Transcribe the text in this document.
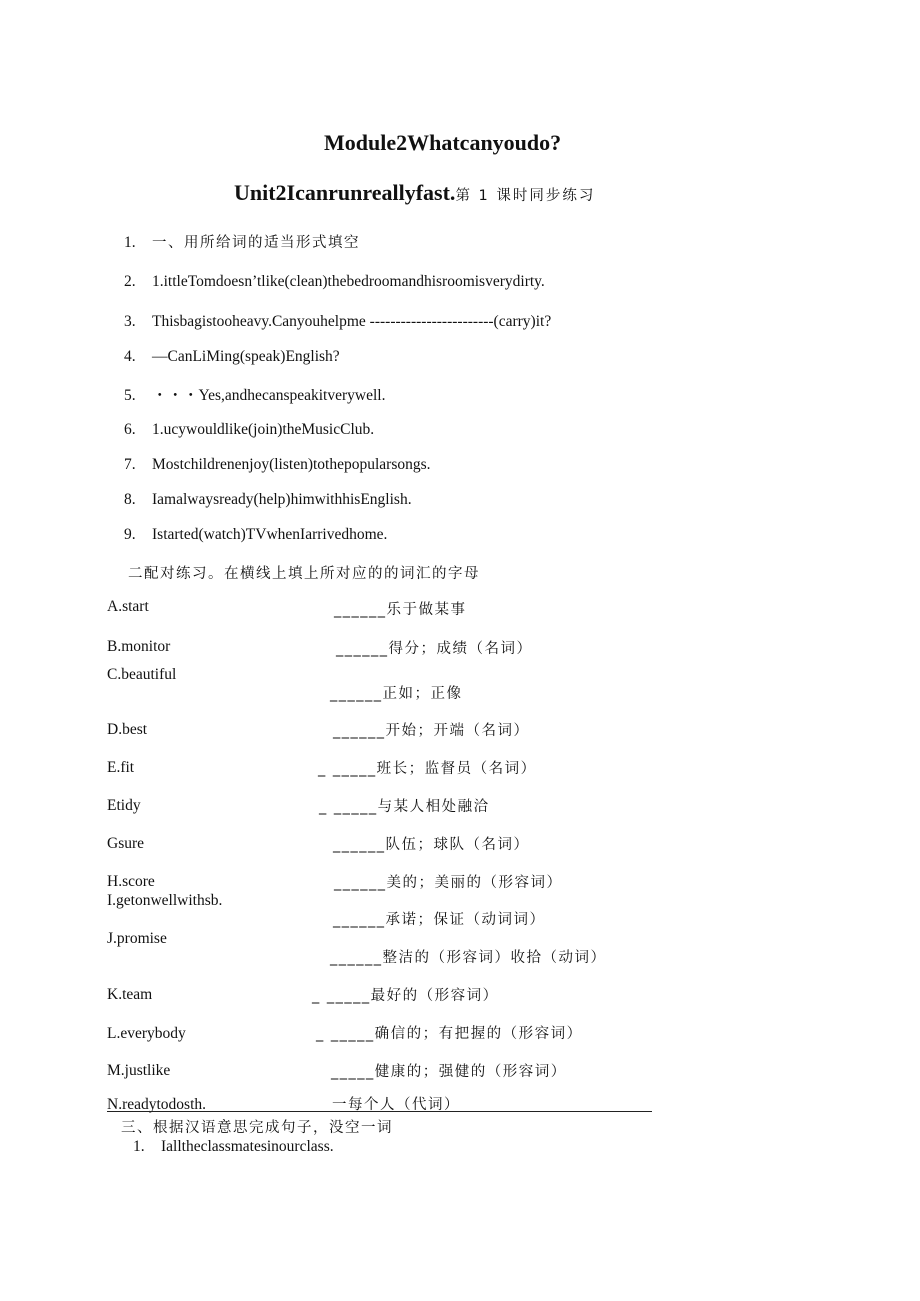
Module2Whatcanyoudo?
Unit2Icanrunreallyfast.第 1 课时同步练习
1. 一、用所给词的适当形式填空
2. 1.ittleTomdoesn’tlike(clean)thebedroomandhisroomisverydirty.
3. Thisbagistooheavy.Canyouhelpme ------------------------(carry)it?
4. —CanLiMing(speak)English?
5. ・・・Yes,andhecanspeakitverywell.
6. 1.ucywouldlike(join)theMusicClub.
7. Mostchildrenenjoy(listen)tothepopularsongs.
8. Iamalwaysready(help)himwithhisEnglish.
9. Istarted(watch)TVwhenIarrivedhome.
二配对练习。在横线上填上所对应的的词汇的字母
A.start
B.monitor
C.beautiful
D.best
E.fit
Etidy
Gsure
H.score
I.getonwellwithsb.
J.promise
K.team
L.everybody
M.justlike
N.readytodosth.
______乐于做某事
______得分；成绩（名词）
______正如；正像
______开始；开端（名词）
_ _____班长；监督员（名词）
_ _____与某人相处融洽
______队伍；球队（名词）
______美的；美丽的（形容词）
______承诺；保证（动词词）
______整洁的（形容词）收拾（动词）
_ _____最好的（形容词）
_ _____确信的；有把握的（形容词）
_____健康的；强健的（形容词）
一每个人（代词）
三、根据汉语意思完成句子，没空一词
1. Ialltheclassmatesinourclass.
